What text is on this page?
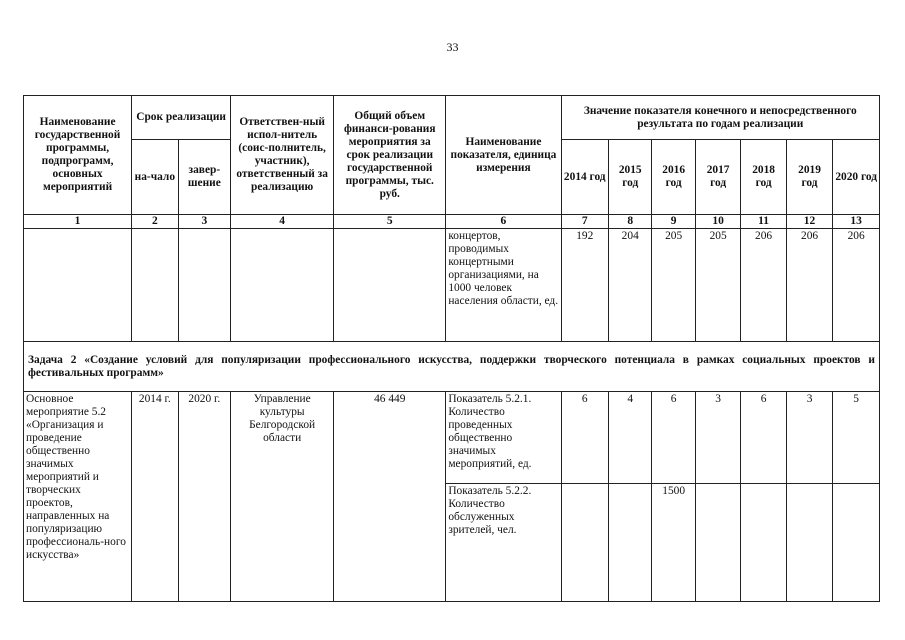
33
Наименование государственной программы, подпрограмм, основных мероприятий	Срок реализации		Ответствен-ный испол-нитель (соис-полнитель, участник), ответственный за реализацию	Общий объем финанси-рования мероприятия за срок реализации государственной программы, тыс. руб.	Наименование показателя, единица измерения	Значение показателя конечного и непосредственного результата по годам реализации						
	на-чало	завер-шение				2014 год	2015 год	2016 год	2017 год	2018 год	2019 год	2020 год
1	2	3	4	5	6	7	8	9	10	11	12	13
					концертов, проводимых концертными организациями, на 1000 человек населения области, ед.	192	204	205	205	206	206	206
Задача 2 «Создание условий для популяризации профессионального искусства, поддержки творческого потенциала в рамках социальных проектов и фестивальных программ»												
Основное мероприятие 5.2 «Организация и проведение общественно значимых мероприятий и творческих проектов, направленных на популяризацию профессиональ-ного искусства»	2014 г.	2020 г.	Управление культуры Белгородской области	46 449	Показатель 5.2.1. Количество проведенных общественно значимых мероприятий, ед.	6	4	6	3	6	3	5
					Показатель 5.2.2. Количество обслуженных зрителей, чел.			1500				
